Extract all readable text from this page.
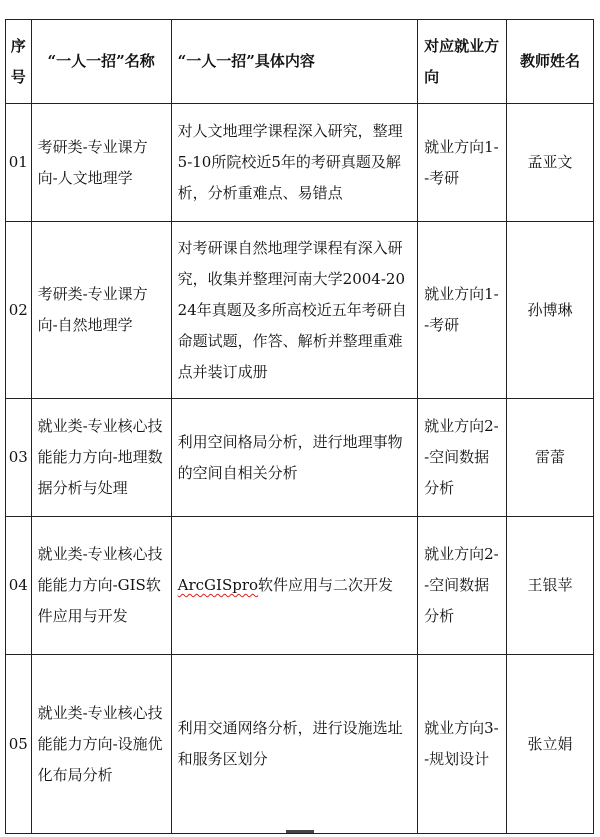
序号	“一人一招”名称	“一人一招”具体内容	对应就业方向	教师姓名
01	考研类-专业课方向-人文地理学	对人文地理学课程深入研究，整理5-10所院校近5年的考研真题及解析，分析重难点、易错点	就业方向1--考研	孟亚文
02	考研类-专业课方向-自然地理学	对考研课自然地理学课程有深入研究，收集并整理河南大学2004-2024年真题及多所高校近五年考研自命题试题，作答、解析并整理重难点并装订成册	就业方向1--考研	孙博琳
03	就业类-专业核心技能能力方向-地理数据分析与处理	利用空间格局分析，进行地理事物的空间自相关分析	就业方向2--空间数据分析	雷蕾
04	就业类-专业核心技能能力方向-GIS软件应用与开发	ArcGISpro软件应用与二次开发	就业方向2--空间数据分析	王银苹
05	就业类-专业核心技能能力方向-设施优化布局分析	利用交通网络分析，进行设施选址和服务区划分	就业方向3--规划设计	张立娟
